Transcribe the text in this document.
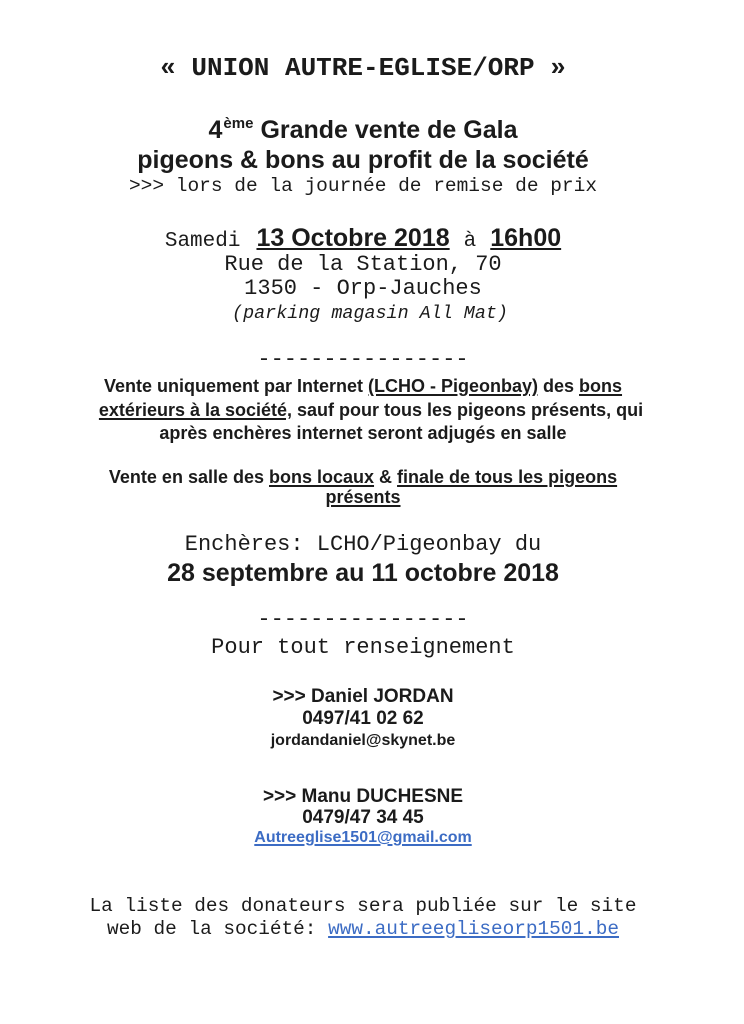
« UNION AUTRE-EGLISE/ORP »
4ème Grande vente de Gala
pigeons & bons au profit de la société
>>> lors de la journée de remise de prix
Samedi 13 Octobre 2018 à 16h00
Rue de la Station, 70
1350 - Orp-Jauches
(parking magasin All Mat)
----------------
Vente uniquement par Internet (LCHO - Pigeonbay) des bons
extérieurs à la société, sauf pour tous les pigeons présents, qui
après enchères internet seront adjugés en salle
Vente en salle des bons locaux & finale de tous les pigeons
présents
Enchères: LCHO/Pigeonbay du
28 septembre au 11 octobre 2018
----------------
Pour tout renseignement
>>> Daniel JORDAN
0497/41 02 62
jordandaniel@skynet.be
>>> Manu DUCHESNE
0479/47 34 45
Autreeglise1501@gmail.com
La liste des donateurs sera publiée sur le site
web de la société: www.autreegliseorp1501.be
